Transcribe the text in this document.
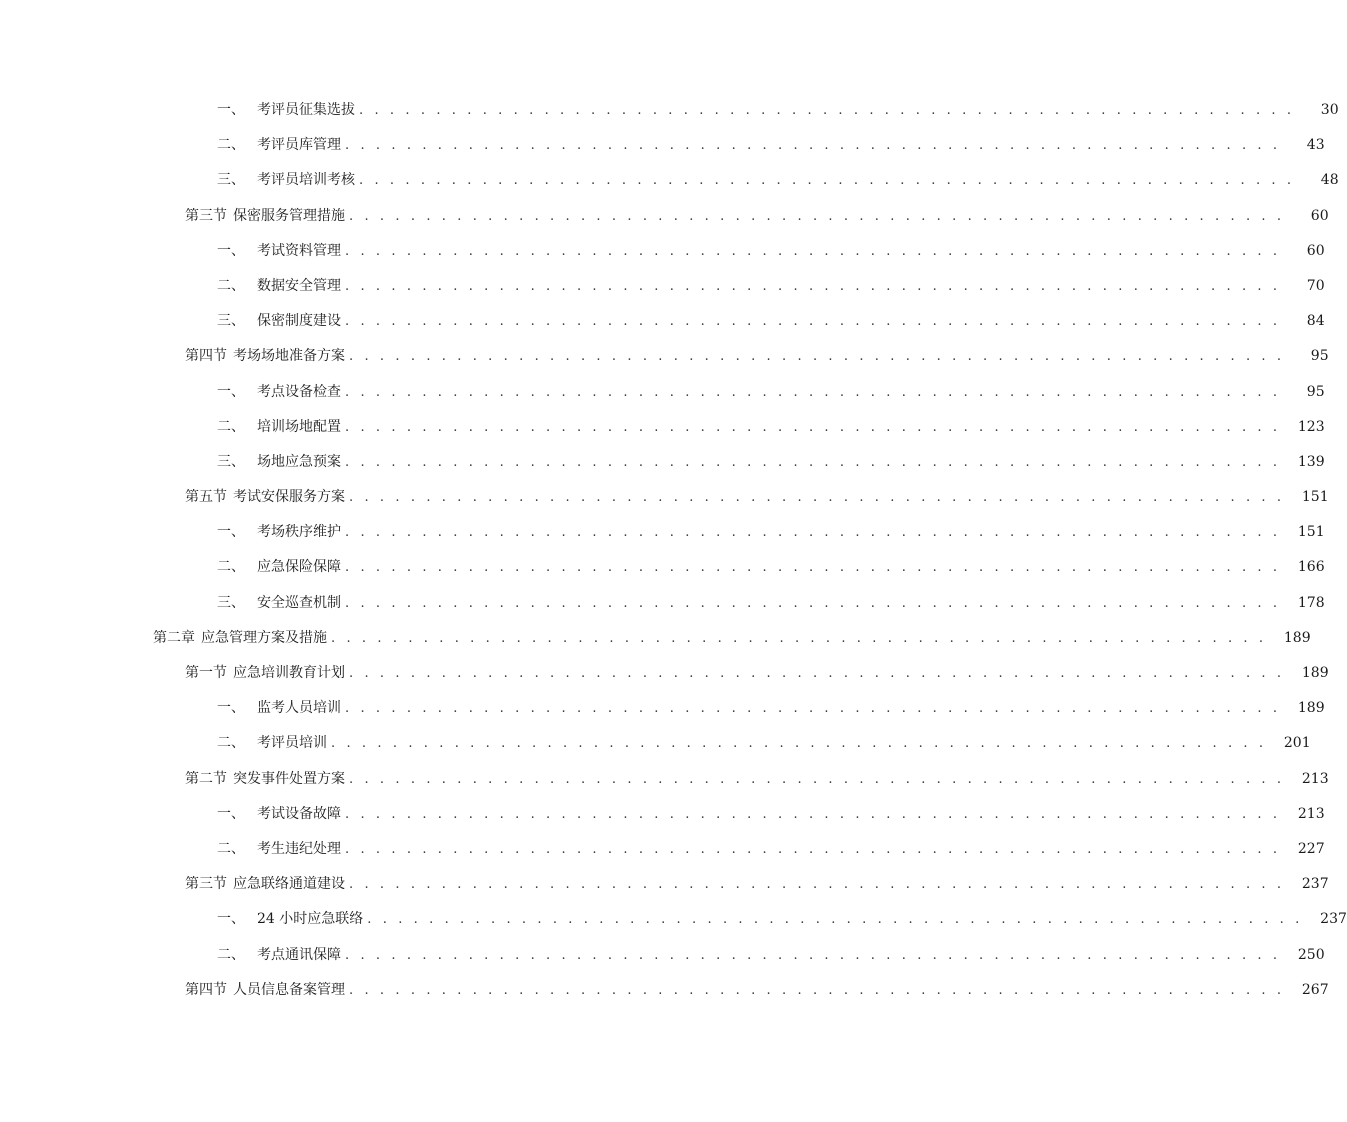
一、 考评员征集选拔 . . . . . . . . . . . . . . . . . . . . . . . . . . . . . . . . . . . . . . . . . . . . . . . . . . . . . . . . . . . . .	30
二、 考评员库管理 . . . . . . . . . . . . . . . . . . . . . . . . . . . . . . . . . . . . . . . . . . . . . . . . . . . . . . . . . . . . .	43
三、 考评员培训考核 . . . . . . . . . . . . . . . . . . . . . . . . . . . . . . . . . . . . . . . . . . . . . . . . . . . . . . . . . . . . .	48
第三节 保密服务管理措施 . . . . . . . . . . . . . . . . . . . . . . . . . . . . . . . . . . . . . . . . . . . . . . . . . . . . . . . . . . . . .	60
一、 考试资料管理 . . . . . . . . . . . . . . . . . . . . . . . . . . . . . . . . . . . . . . . . . . . . . . . . . . . . . . . . . . . . .	60
二、 数据安全管理 . . . . . . . . . . . . . . . . . . . . . . . . . . . . . . . . . . . . . . . . . . . . . . . . . . . . . . . . . . . . .	70
三、 保密制度建设 . . . . . . . . . . . . . . . . . . . . . . . . . . . . . . . . . . . . . . . . . . . . . . . . . . . . . . . . . . . . .	84
第四节 考场场地准备方案 . . . . . . . . . . . . . . . . . . . . . . . . . . . . . . . . . . . . . . . . . . . . . . . . . . . . . . . . . . . . .	95
一、 考点设备检查 . . . . . . . . . . . . . . . . . . . . . . . . . . . . . . . . . . . . . . . . . . . . . . . . . . . . . . . . . . . . .	95
二、 培训场地配置 . . . . . . . . . . . . . . . . . . . . . . . . . . . . . . . . . . . . . . . . . . . . . . . . . . . . . . . . . . . . .	123
三、 场地应急预案 . . . . . . . . . . . . . . . . . . . . . . . . . . . . . . . . . . . . . . . . . . . . . . . . . . . . . . . . . . . . .	139
第五节 考试安保服务方案 . . . . . . . . . . . . . . . . . . . . . . . . . . . . . . . . . . . . . . . . . . . . . . . . . . . . . . . . . . . . .	151
一、 考场秩序维护 . . . . . . . . . . . . . . . . . . . . . . . . . . . . . . . . . . . . . . . . . . . . . . . . . . . . . . . . . . . . .	151
二、 应急保险保障 . . . . . . . . . . . . . . . . . . . . . . . . . . . . . . . . . . . . . . . . . . . . . . . . . . . . . . . . . . . . .	166
三、 安全巡查机制 . . . . . . . . . . . . . . . . . . . . . . . . . . . . . . . . . . . . . . . . . . . . . . . . . . . . . . . . . . . . .	178
第二章 应急管理方案及措施 . . . . . . . . . . . . . . . . . . . . . . . . . . . . . . . . . . . . . . . . . . . . . . . . . . . . . . . . . . . . .	189
第一节 应急培训教育计划 . . . . . . . . . . . . . . . . . . . . . . . . . . . . . . . . . . . . . . . . . . . . . . . . . . . . . . . . . . . . .	189
一、 监考人员培训 . . . . . . . . . . . . . . . . . . . . . . . . . . . . . . . . . . . . . . . . . . . . . . . . . . . . . . . . . . . . .	189
二、 考评员培训 . . . . . . . . . . . . . . . . . . . . . . . . . . . . . . . . . . . . . . . . . . . . . . . . . . . . . . . . . . . . .	201
第二节 突发事件处置方案 . . . . . . . . . . . . . . . . . . . . . . . . . . . . . . . . . . . . . . . . . . . . . . . . . . . . . . . . . . . . .	213
一、 考试设备故障 . . . . . . . . . . . . . . . . . . . . . . . . . . . . . . . . . . . . . . . . . . . . . . . . . . . . . . . . . . . . .	213
二、 考生违纪处理 . . . . . . . . . . . . . . . . . . . . . . . . . . . . . . . . . . . . . . . . . . . . . . . . . . . . . . . . . . . . .	227
第三节 应急联络通道建设 . . . . . . . . . . . . . . . . . . . . . . . . . . . . . . . . . . . . . . . . . . . . . . . . . . . . . . . . . . . . .	237
一、 24 小时应急联络 . . . . . . . . . . . . . . . . . . . . . . . . . . . . . . . . . . . . . . . . . . . . . . . . . . . . . . . . . . . . .	237
二、 考点通讯保障 . . . . . . . . . . . . . . . . . . . . . . . . . . . . . . . . . . . . . . . . . . . . . . . . . . . . . . . . . . . . .	250
第四节 人员信息备案管理 . . . . . . . . . . . . . . . . . . . . . . . . . . . . . . . . . . . . . . . . . . . . . . . . . . . . . . . . . . . . .	267
